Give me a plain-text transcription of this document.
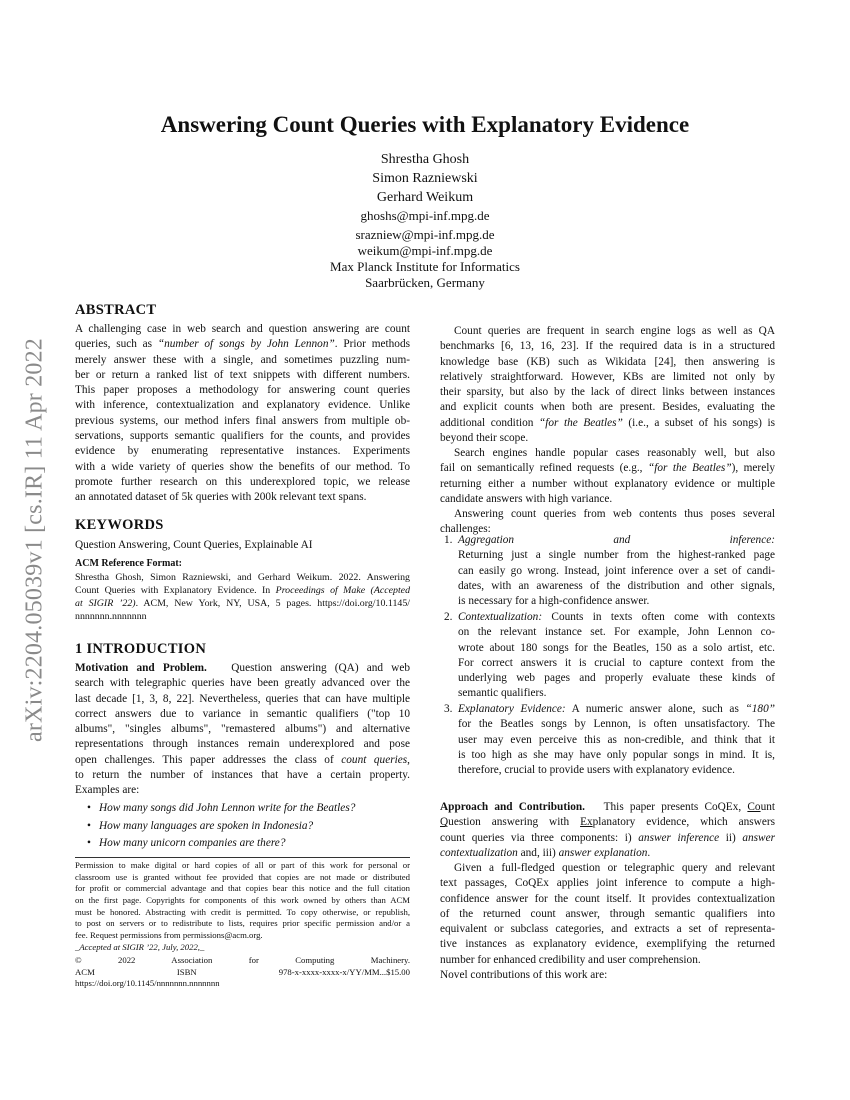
arXiv:2204.05039v1 [cs.IR] 11 Apr 2022
Answering Count Queries with Explanatory Evidence
Shrestha Ghosh
Simon Razniewski
Gerhard Weikum
ghoshs@mpi-inf.mpg.de
srazniew@mpi-inf.mpg.de
weikum@mpi-inf.mpg.de
Max Planck Institute for Informatics
Saarbrücken, Germany
ABSTRACT
A challenging case in web search and question answering are count
queries, such as “number of songs by John Lennon”. Prior methods
merely answer these with a single, and sometimes puzzling num-
ber or return a ranked list of text snippets with different numbers.
This paper proposes a methodology for answering count queries
with inference, contextualization and explanatory evidence. Unlike
previous systems, our method infers final answers from multiple ob-
servations, supports semantic qualifiers for the counts, and provides
evidence by enumerating representative instances. Experiments
with a wide variety of queries show the benefits of our method. To
promote further research on this underexplored topic, we release
an annotated dataset of 5k queries with 200k relevant text spans.
KEYWORDS
Question Answering, Count Queries, Explainable AI
ACM Reference Format:
Shrestha Ghosh, Simon Razniewski, and Gerhard Weikum. 2022. Answering
Count Queries with Explanatory Evidence. In Proceedings of Make (Accepted
at SIGIR ’22). ACM, New York, NY, USA, 5 pages. https://doi.org/10.1145/
nnnnnnn.nnnnnnn
1 INTRODUCTION
Motivation and Problem.   Question answering (QA) and web
search with telegraphic queries have been greatly advanced over the
last decade [1, 3, 8, 22]. Nevertheless, queries that can have multiple
correct answers due to variance in semantic qualifiers ("top 10
albums", "singles albums", "remastered albums") and alternative
representations through instances remain underexplored and pose
open challenges. This paper addresses the class of count queries,
to return the number of instances that have a certain property.
Examples are:
• How many songs did John Lennon write for the Beatles?
• How many languages are spoken in Indonesia?
• How many unicorn companies are there?
Permission to make digital or hard copies of all or part of this work for personal or
classroom use is granted without fee provided that copies are not made or distributed
for profit or commercial advantage and that copies bear this notice and the full citation
on the first page. Copyrights for components of this work owned by others than ACM
must be honored. Abstracting with credit is permitted. To copy otherwise, or republish,
to post on servers or to redistribute to lists, requires prior specific permission and/or a
fee. Request permissions from permissions@acm.org.
_Accepted at SIGIR ’22, July, 2022,_
© 2022 Association for Computing Machinery.
ACM ISBN 978-x-xxxx-xxxx-x/YY/MM...$15.00
https://doi.org/10.1145/nnnnnnn.nnnnnnn
Count queries are frequent in search engine logs as well as QA
benchmarks [6, 13, 16, 23]. If the required data is in a structured
knowledge base (KB) such as Wikidata [24], then answering is
relatively straightforward. However, KBs are limited not only by
their sparsity, but also by the lack of direct links between instances
and explicit counts when both are present. Besides, evaluating the
additional condition “for the Beatles” (i.e., a subset of his songs) is
beyond their scope.
Search engines handle popular cases reasonably well, but also
fail on semantically refined requests (e.g., “for the Beatles”), merely
returning either a number without explanatory evidence or multiple
candidate answers with high variance.
Answering count queries from web contents thus poses several
challenges:
1. Aggregation and inference:
Returning just a single number from the highest-ranked page
can easily go wrong. Instead, joint inference over a set of candi-
dates, with an awareness of the distribution and other signals,
is necessary for a high-confidence answer.
2. Contextualization: Counts in texts often come with contexts
on the relevant instance set. For example, John Lennon co-
wrote about 180 songs for the Beatles, 150 as a solo artist, etc.
For correct answers it is crucial to capture context from the
underlying web pages and properly evaluate these kinds of
semantic qualifiers.
3. Explanatory Evidence: A numeric answer alone, such as “180”
for the Beatles songs by Lennon, is often unsatisfactory. The
user may even perceive this as non-credible, and think that it
is too high as she may have only popular songs in mind. It is,
therefore, crucial to provide users with explanatory evidence.
Approach and Contribution.   This paper presents CoQEx, Count
Question answering with Explanatory evidence, which answers
count queries via three components: i) answer inference ii) answer
contextualization and, iii) answer explanation.
Given a full-fledged question or telegraphic query and relevant
text passages, CoQEx applies joint inference to compute a high-
confidence answer for the count itself. It provides contextualization
of the returned count answer, through semantic qualifiers into
equivalent or subclass categories, and extracts a set of representa-
tive instances as explanatory evidence, exemplifying the returned
number for enhanced credibility and user comprehension.
Novel contributions of this work are:
